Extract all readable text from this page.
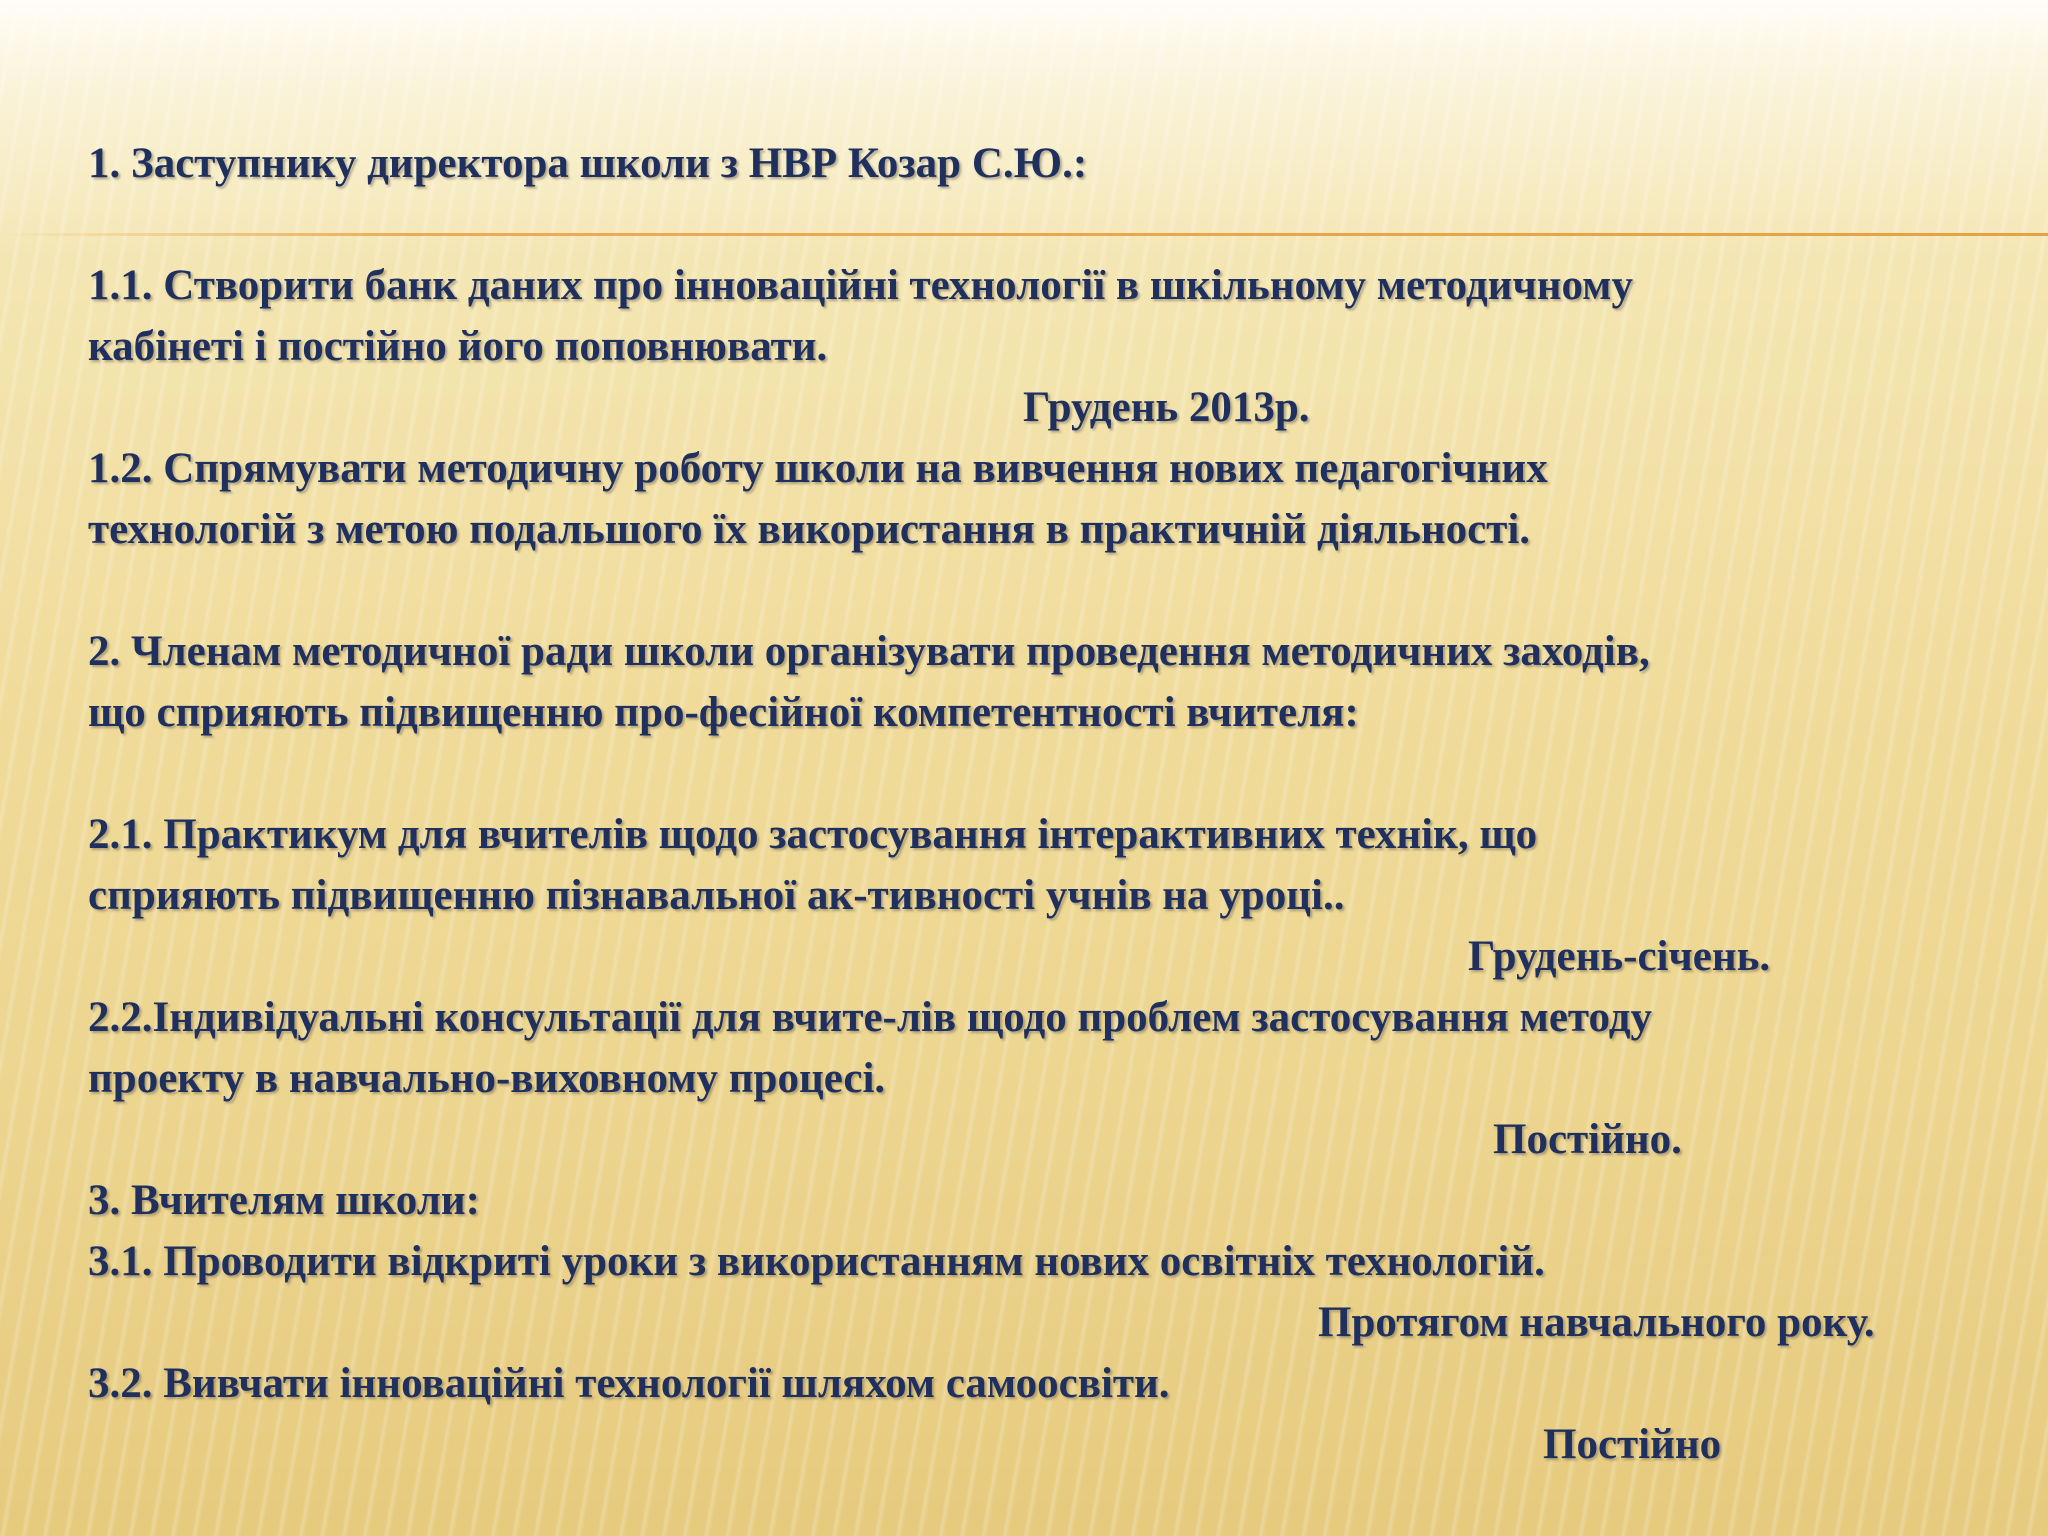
1. Заступнику директора школи з НВР Козар С.Ю.:
1.1. Створити банк даних про інноваційні технології в шкільному методичному
кабінеті і постійно його поповнювати.
Грудень 2013р.
1.2. Спрямувати методичну роботу школи на вивчення нових педагогічних
технологій з метою подальшого їх використання в практичній діяльності.
2. Членам методичної ради школи організувати проведення методичних заходів,
що сприяють підвищенню про-фесійної компетентності вчителя:
2.1. Практикум для вчителів щодо застосування інтерактивних технік, що
сприяють підвищенню пізнавальної ак-тивності учнів на уроці..
Грудень-січень.
2.2.Індивідуальні консультації для вчите-лів щодо проблем застосування методу
проекту в навчально-виховному процесі.
Постійно.
3. Вчителям школи:
3.1. Проводити відкриті уроки з використанням нових освітніх технологій.
Протягом навчального року.
3.2. Вивчати інноваційні технології шляхом самоосвіти.
Постійно
